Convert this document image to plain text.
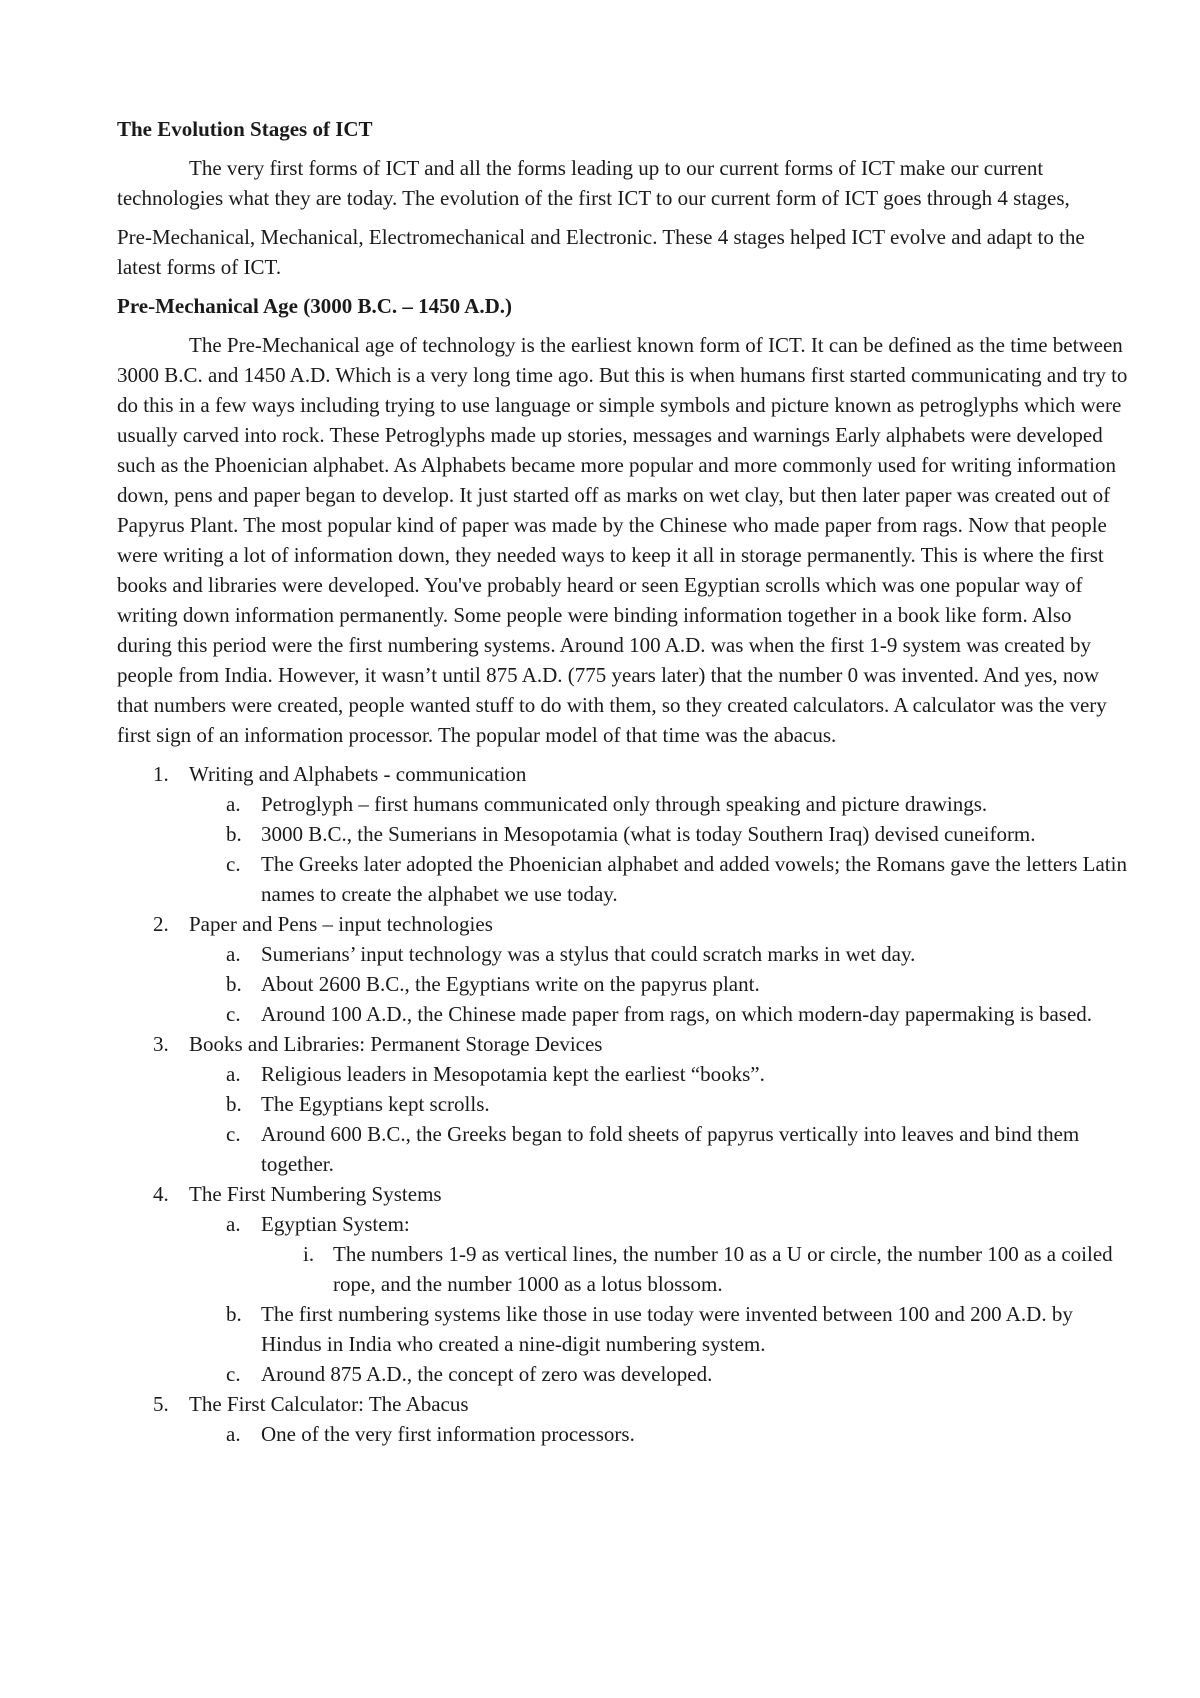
The Evolution Stages of ICT

The very first forms of ICT and all the forms leading up to our current forms of ICT make our current technologies what they are today. The evolution of the first ICT to our current form of ICT goes through 4 stages,

Pre-Mechanical, Mechanical, Electromechanical and Electronic. These 4 stages helped ICT evolve and adapt to the latest forms of ICT.

Pre-Mechanical Age (3000 B.C. – 1450 A.D.)

The Pre-Mechanical age of technology is the earliest known form of ICT. It can be defined as the time between 3000 B.C. and 1450 A.D. Which is a very long time ago. But this is when humans first started communicating and try to do this in a few ways including trying to use language or simple symbols and picture known as petroglyphs which were usually carved into rock. These Petroglyphs made up stories, messages and warnings Early alphabets were developed such as the Phoenician alphabet. As Alphabets became more popular and more commonly used for writing information down, pens and paper began to develop. It just started off as marks on wet clay, but then later paper was created out of Papyrus Plant. The most popular kind of paper was made by the Chinese who made paper from rags. Now that people were writing a lot of information down, they needed ways to keep it all in storage permanently. This is where the first books and libraries were developed. You've probably heard or seen Egyptian scrolls which was one popular way of writing down information permanently. Some people were binding information together in a book like form. Also during this period were the first numbering systems. Around 100 A.D. was when the first 1-9 system was created by people from India. However, it wasn’t until 875 A.D. (775 years later) that the number 0 was invented. And yes, now that numbers were created, people wanted stuff to do with them, so they created calculators. A calculator was the very first sign of an information processor. The popular model of that time was the abacus.

1. Writing and Alphabets - communication
a. Petroglyph – first humans communicated only through speaking and picture drawings.
b. 3000 B.C., the Sumerians in Mesopotamia (what is today Southern Iraq) devised cuneiform.
c. The Greeks later adopted the Phoenician alphabet and added vowels; the Romans gave the letters Latin names to create the alphabet we use today.
2. Paper and Pens – input technologies
a. Sumerians’ input technology was a stylus that could scratch marks in wet day.
b. About 2600 B.C., the Egyptians write on the papyrus plant.
c. Around 100 A.D., the Chinese made paper from rags, on which modern-day papermaking is based.
3. Books and Libraries: Permanent Storage Devices
a. Religious leaders in Mesopotamia kept the earliest “books”.
b. The Egyptians kept scrolls.
c. Around 600 B.C., the Greeks began to fold sheets of papyrus vertically into leaves and bind them together.
4. The First Numbering Systems
a. Egyptian System:
i. The numbers 1-9 as vertical lines, the number 10 as a U or circle, the number 100 as a coiled rope, and the number 1000 as a lotus blossom.
b. The first numbering systems like those in use today were invented between 100 and 200 A.D. by Hindus in India who created a nine-digit numbering system.
c. Around 875 A.D., the concept of zero was developed.
5. The First Calculator: The Abacus
a. One of the very first information processors.
